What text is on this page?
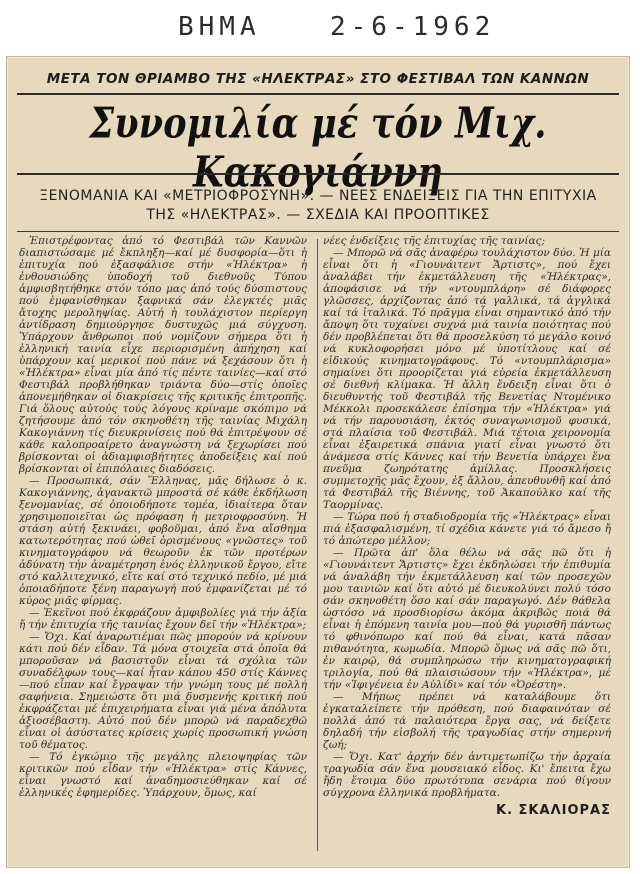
ΒΗΜΑ	2-6-1962
ΜΕΤΑ ΤΟΝ ΘΡΙΑΜΒΟ ΤΗΣ «ΗΛΕΚΤΡΑΣ» ΣΤΟ ΦΕΣΤΙΒΑΛ ΤΩΝ ΚΑΝΝΩΝ
Συνομιλία μέ τόν Μιχ. Κακογιάννη
ΞΕΝΟΜΑΝΙΑ ΚΑΙ «ΜΕΤΡΙΟΦΡΟΣΥΝΗ». — ΝΕΕΣ ΕΝΔΕΙΞΕΙΣ ΓΙΑ ΤΗΝ ΕΠΙΤΥΧΙΑ ΤΗΣ «ΗΛΕΚΤΡΑΣ». — ΣΧΕΔΙΑ ΚΑΙ ΠΡΟΟΠΤΙΚΕΣ

Ἐπιστρέφοντας ἀπό τό Φεστιβάλ τῶν Καννῶν διαπιστώσαμε μέ ἔκπληξη—καί μέ δυσφορία—ὅτι ἡ ἐπιτυχία πού ἐξασφάλισε στήν «Ἠλέκτρα» ἡ ἐνθουσιώδης ὑποδοχή τοῦ διεθνοῦς Τύπου ἀμφισβητήθηκε στόν τόπο μας ἀπό τούς δύσπιστους πού ἐμφανίσθηκαν ξαφνικά σάν ἐλεγκτές μιᾶς ἄτοχης μεροληψίας. Αὐτή ἡ τουλάχιστον περίεργη ἀντίδραση δημιούργησε δυστυχῶς μιά σύγχυση. Ὑπάρχουν ἄνθρωποι πού νομίζουν σήμερα ὅτι ἡ ἑλληνική ταινία εἶχε περιορισμένη ἀπήχηση καί ὑπάρχουν καί μερικοί πού πάνε νά ξεχάσουν ὅτι ἡ «Ἠλέκτρα» εἶναι μία ἀπό τίς πέντε ταινίες—καί στό Φεστιβάλ προβλήθηκαν τριάντα δύο—στίς ὁποῖες ἀπονεμήθηκαν οἱ διακρίσεις τῆς κριτικῆς ἐπιτροπῆς. Γιά ὅλους αὐτούς τούς λόγους κρίναμε σκόπιμο νά ζητήσουμε ἀπό τόν σκηνοθέτη τῆς ταινίας Μιχάλη Κακογιάννη τίς διευκρινίσεις πού θά ἐπιτρέψουν σέ κάθε καλοπροαίρετο ἀναγνώστη νά ξεχωρίσει πού βρίσκονται οἱ ἀδιαμφισβήτητες ἀποδείξεις καί πού βρίσκονται οἱ ἐπιπόλαιες διαδόσεις.

— Προσωπικά, σάν Ἕλληνας, μᾶς δήλωσε ὁ κ. Κακογιάννης, ἀγανακτῶ μπροστά σέ κάθε ἐκδήλωση ξενομανίας, σέ ὁποιοδήποτε τομέα, ἰδιαίτερα ὅταν χρησιμοποιεῖται ὡς πρόφαση ἡ μετριοφροσύνη. Ἡ στάση αὐτή ξεκινάει, φοβοῦμαι, ἀπό ἕνα αἴσθημα κατωτερότητας πού ὠθεῖ ὁρισμένους «γνῶστες» τοῦ κινηματογράφου νά θεωροῦν ἐκ τῶν προτέρων ἀδύνατη τήν ἀναμέτρηση ἑνός ἑλληνικοῦ ἔργου, εἴτε στό καλλιτεχνικό, εἴτε καί στό τεχνικό πεδίο, μέ μιά ὁποιαδήποτε ξένη παραγωγή πού ἐμφανίζεται μέ τό κύρος μιᾶς φίρμας.

— Ἐκεῖνοι πού ἐκφράζουν ἀμφιβολίες γιά τήν ἀξία ἤ τήν ἐπιτυχία τῆς ταινίας ἔχουν δεῖ τήν «Ἠλέκτρα»;

— Ὄχι. Καί ἀναρωτιέμαι πῶς μπορούν νά κρίνουν κάτι πού δέν εἶδαν. Τά μόνα στοιχεῖα στά ὁποῖα θά μποροῦσαν νά βασιστοῦν εἶναι τά σχόλια τῶν συναδέλφων τους—καί ἦταν κάπου 450 στίς Κάννες—πού εἶπαν καί ἔγραψαν τήν γνώμη τους μέ πολλή σαφήνεια. Σημειώστε ὅτι μιά δυσμενής κριτική πού ἐκφράζεται μέ ἐπιχειρήματα εἶναι γιά μένα ἀπόλυτα ἀξιοσέβαστη. Αὐτό πού δέν μπορῶ νά παραδεχθῶ εἶναι οἱ ἀσύστατες κρίσεις χωρίς προσωπική γνώση τοῦ θέματος.

— Τό ἐγκώμιο τῆς μεγάλης πλειοψηφίας τῶν κριτικῶν πού εἶδαν τήν «Ἠλέκτρα» στίς Κάννες, εἶναι γνωστό καί ἀναδημοσιεύθηκαν καί σέ ἑλληνικές ἐφημερίδες. Ὑπάρχουν, ὅμως, καί

νέες ἐνδείξεις τῆς ἐπιτυχίας τῆς ταινίας;

— Μπορῶ νά σᾶς ἀναφέρω τουλάχιστον δύο. Ἡ μία εἶναι ὅτι ἡ «Γιουνάιτεντ Ἄρτιστς», πού ἔχει ἀναλάβει τήν ἐκμετάλλευση τῆς «Ἠλέκτρας», ἀποφάσισε νά τήν «ντουμπλάρη» σέ διάφορες γλῶσσες, ἀρχίζοντας ἀπό τά γαλλικά, τά ἀγγλικά καί τά ἰταλικά. Τό πρᾶγμα εἶναι σημαντικό ἀπό τήν ἄποψη ὅτι τυχαίνει συχνά μιά ταινία ποιότητας πού δέν προβλέπεται ὅτι θά προσελκύση τό μεγάλο κοινό νά κυκλοφορήσει μόνο μέ ὑποτίτλους καί σέ εἰδικούς κινηματογράφους. Τό «ντουμπλάρισμα» σημαίνει ὅτι προορίζεται γιά εὐρεία ἐκμετάλλευση σέ διεθνή κλίμακα. Ἡ ἄλλη ἔνδειξη εἶναι ὅτι ὁ διευθυντής τοῦ Φεστιβάλ τῆς Βενετίας Ντομένικο Μέκκολι προσεκάλεσε ἐπίσημα τήν «Ἠλέκτρα» γιά νά τήν παρουσιάση, ἐκτός συναγωνισμοῦ φυσικά, στά πλαίσια τοῦ Φεστιβάλ. Μιά τέτοια χειρονομία εἶναι ἐξαιρετικά σπάνια γιατί εἶναι γνωστό ὅτι ἀνάμεσα στίς Κάννες καί τήν Βενετία ὑπάρχει ἕνα πνεῦμα ζωηρότατης ἁμίλλας. Προσκλήσεις συμμετοχῆς μᾶς ἔχουν, ἐξ ἄλλου, ἀπευθυνθῆ καί ἀπό τά Φεστιβάλ τῆς Βιέννης, τοῦ Ἀκαπούλκο καί τῆς Ταορμίνας.

— Τώρα πού ἡ σταδιοδρομία τῆς «Ἠλέκτρας» εἶναι πιά ἐξασφαλισμένη, τί σχέδια κάνετε γιά τό ἄμεσο ἤ τό ἀπώτερο μέλλον;

— Πρῶτα ἀπ' ὅλα θέλω νά σᾶς πῶ ὅτι ἡ «Γιουνάιτεντ Ἄρτιστς» ἔχει ἐκδηλώσει τήν ἐπιθυμία νά ἀναλάβη τήν ἐκμετάλλευση καί τῶν προσεχῶν μου ταινιῶν καί ὅτι αὐτό μέ διευκολύνει πολύ τόσο σάν σκηνοθέτη ὅσο καί σάν παραγωγό. Δέν θάθελα ὡστόσο νά προσδιορίσω ἀκόμα ἀκριβῶς ποιά θά εἶναι ἡ ἑπόμενη ταινία μου—πού θά γυρισθῆ πάντως τό φθινόπωρο καί πού θά εἶναι, κατά πᾶσαν πιθανότητα, κωμωδία. Μπορῶ ὅμως νά σᾶς πῶ ὅτι, ἐν καιρῷ, θά συμπληρώσω τήν κινηματογραφική τριλογία, πού θά πλαισιώσουν τήν «Ἠλέκτρα», μέ τήν «Ἰφιγένεια ἐν Αὐλίδι» καί τόν «Ὀρέστη».

— Μήπως πρέπει νά καταλάβουμε ὅτι ἐγκαταλείπετε τήν πρόθεση, πού διαφαινόταν σέ πολλά ἀπό τά παλαιότερα ἔργα σας, νά δείξετε δηλαδή τήν εἰσβολή τῆς τραγωδίας στήν σημερινή ζωή;

— Ὄχι. Κατ' ἀρχήν δέν ἀντιμετωπίζω τήν ἀρχαία τραγωδία σάν ἕνα μουσειακό εἶδος. Κι' ἔπειτα ἔχω ἤδη ἕτοιμα δύο πρωτότυπα σενάρια πού θίγουν σύγχρονα ἑλληνικά προβλήματα.

Κ. ΣΚΑΛΙΟΡΑΣ
